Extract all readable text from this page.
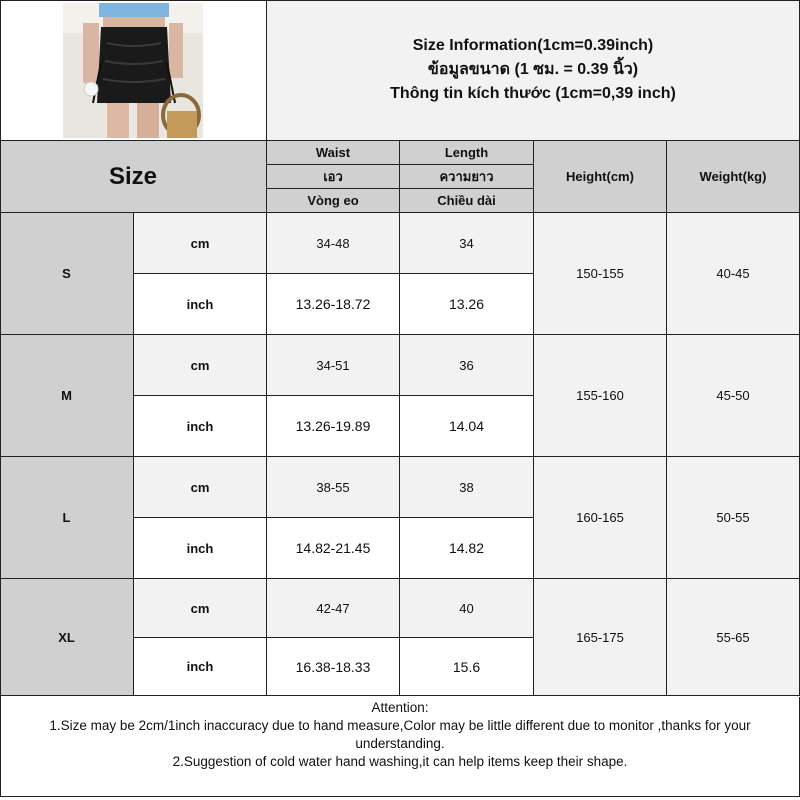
Size Information(1cm=0.39inch)
ข้อมูลขนาด (1 ซม. = 0.39 นิ้ว)
Thông tin kích thước (1cm=0,39 inch)
Size
Waist
เอว
Vòng eo
Length
ความยาว
Chiều dài
Height(cm)	Weight(kg)
S
cm	34-48	34
inch	13.26-18.72	13.26
150-155	40-45
M
cm	34-51	36
inch	13.26-19.89	14.04
155-160	45-50
L
cm	38-55	38
inch	14.82-21.45	14.82
160-165	50-55
XL
cm	42-47	40
inch	16.38-18.33	15.6
165-175	55-65
Attention:
1.Size may be 2cm/1inch inaccuracy due to hand measure,Color may be little different due to monitor ,thanks for your understanding.
2.Suggestion of cold water hand washing,it can help items keep their shape.
